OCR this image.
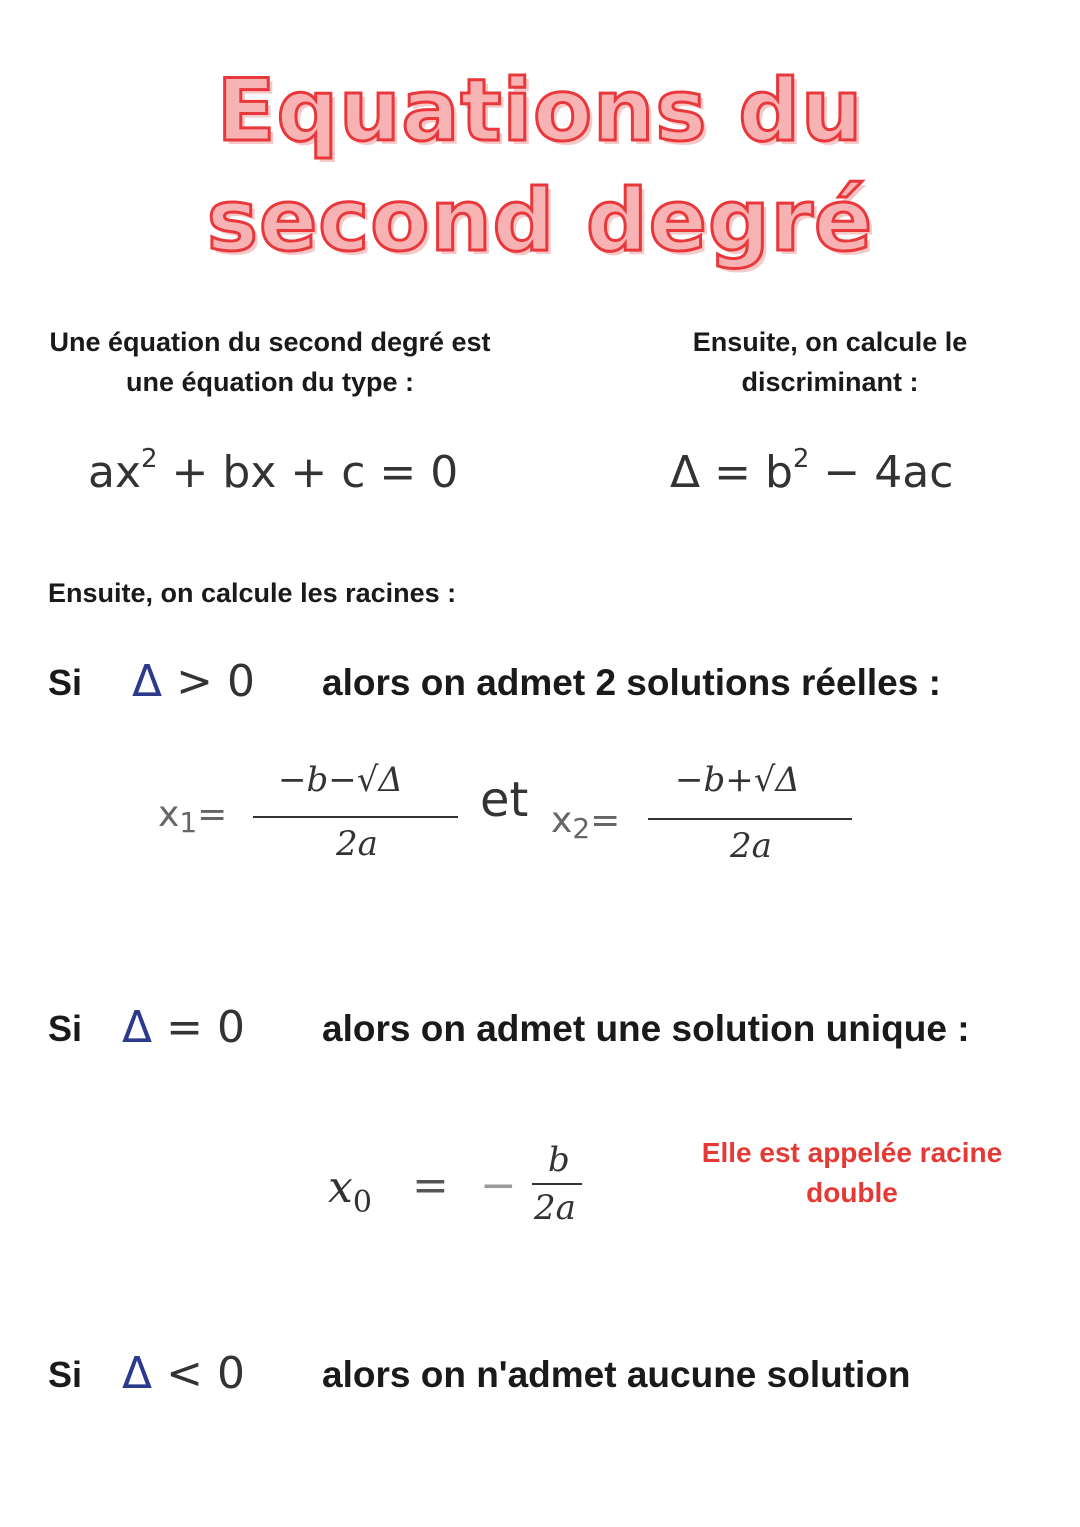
Equations du
second degré
Une équation du second degré est
une équation du type :
Ensuite, on calcule le
discriminant :
$ax^2$ + bx + c = 0	$\Delta = b^2 - 4ac$
Ensuite, on calcule les racines :
Si Δ > 0 alors on admet 2 solutions réelles :
$x_1=$
−b−√Δ
2a
et $x_2=$
−b+√Δ
2a
Si Δ = 0 alors on admet une solution unique :
$x_0$ = − b
2a
Elle est appelée racine
double
Si Δ < 0 alors on n'admet aucune solution
